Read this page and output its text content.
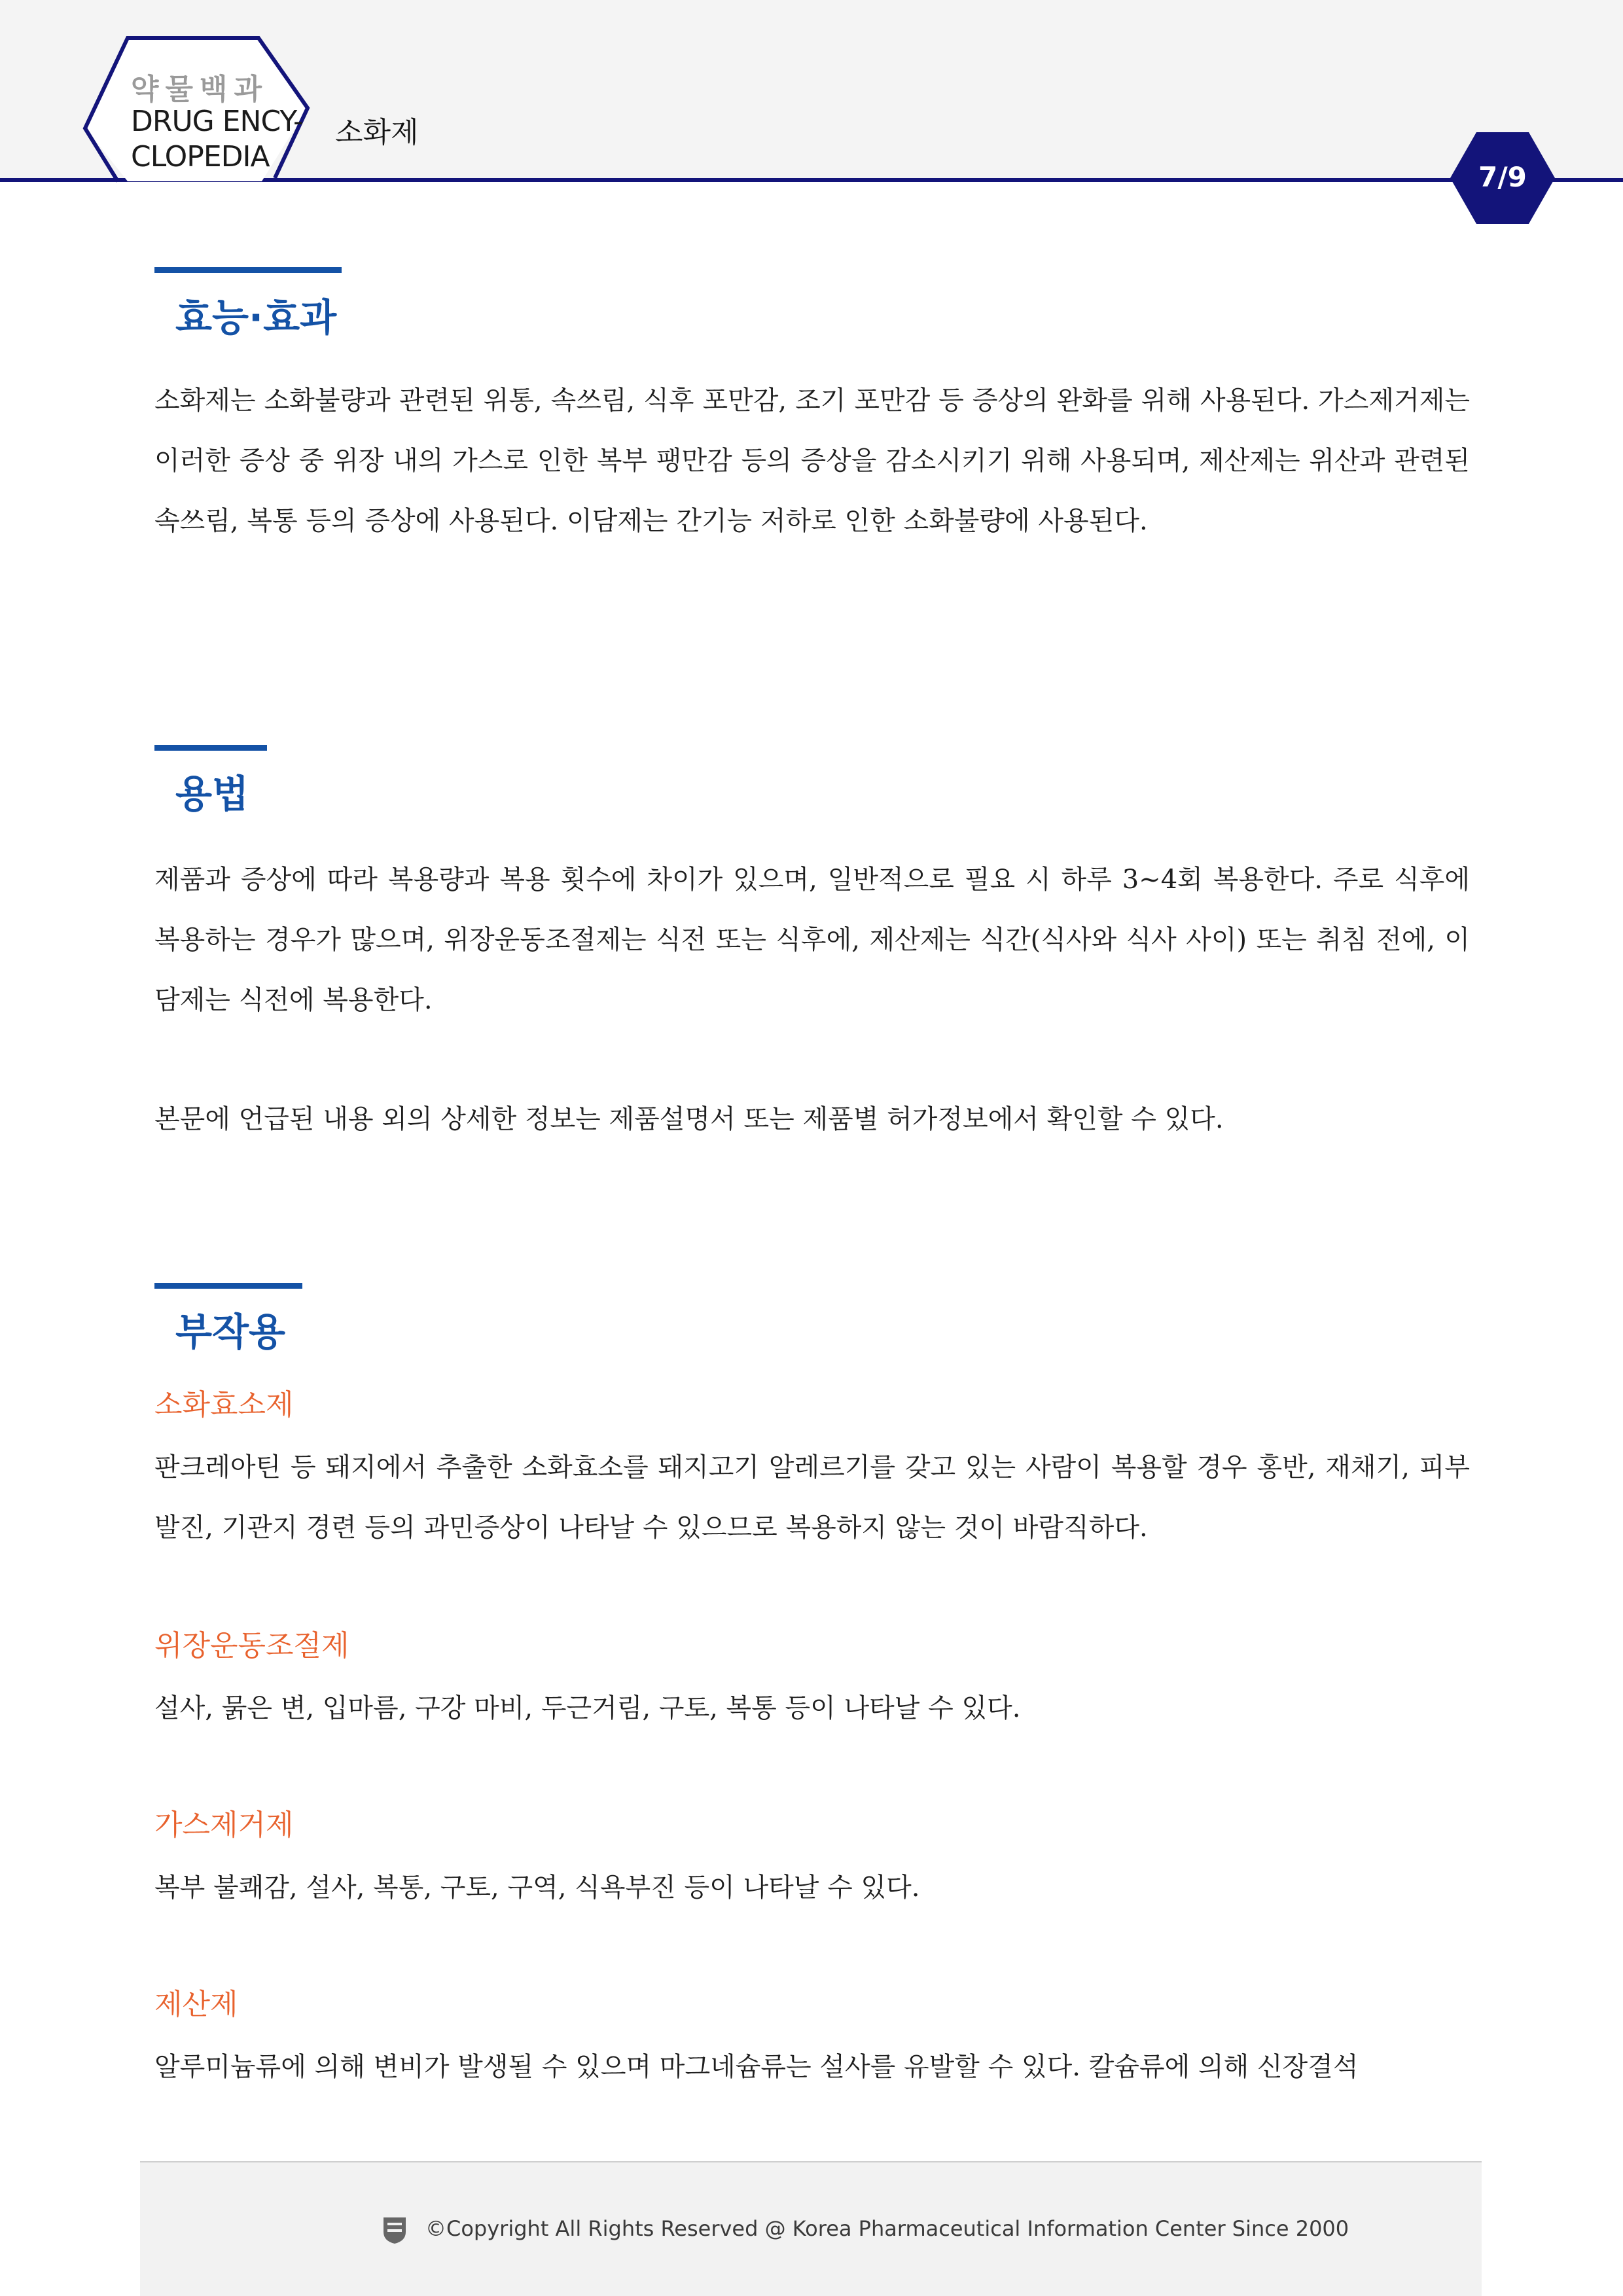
약물백과
DRUG ENCY-
CLOPEDIA
소화제
7/9
효능·효과
소화제는 소화불량과 관련된 위통, 속쓰림, 식후 포만감, 조기 포만감 등 증상의 완화를 위해 사용된다. 가스제거제는 이러한 증상 중 위장 내의 가스로 인한 복부 팽만감 등의 증상을 감소시키기 위해 사용되며, 제산제는 위산과 관련된 속쓰림, 복통 등의 증상에 사용된다. 이담제는 간기능 저하로 인한 소화불량에 사용된다.
용법
제품과 증상에 따라 복용량과 복용 횟수에 차이가 있으며, 일반적으로 필요 시 하루 3~4회 복용한다. 주로 식후에 복용하는 경우가 많으며, 위장운동조절제는 식전 또는 식후에, 제산제는 식간(식사와 식사 사이) 또는 취침 전에, 이담제는 식전에 복용한다.
본문에 언급된 내용 외의 상세한 정보는 제품설명서 또는 제품별 허가정보에서 확인할 수 있다.
부작용
소화효소제
판크레아틴 등 돼지에서 추출한 소화효소를 돼지고기 알레르기를 갖고 있는 사람이 복용할 경우 홍반, 재채기, 피부발진, 기관지 경련 등의 과민증상이 나타날 수 있으므로 복용하지 않는 것이 바람직하다.
위장운동조절제
설사, 묽은 변, 입마름, 구강 마비, 두근거림, 구토, 복통 등이 나타날 수 있다.
가스제거제
복부 불쾌감, 설사, 복통, 구토, 구역, 식욕부진 등이 나타날 수 있다.
제산제
알루미늄류에 의해 변비가 발생될 수 있으며 마그네슘류는 설사를 유발할 수 있다. 칼슘류에 의해 신장결석
©Copyright All Rights Reserved @ Korea Pharmaceutical Information Center Since 2000
